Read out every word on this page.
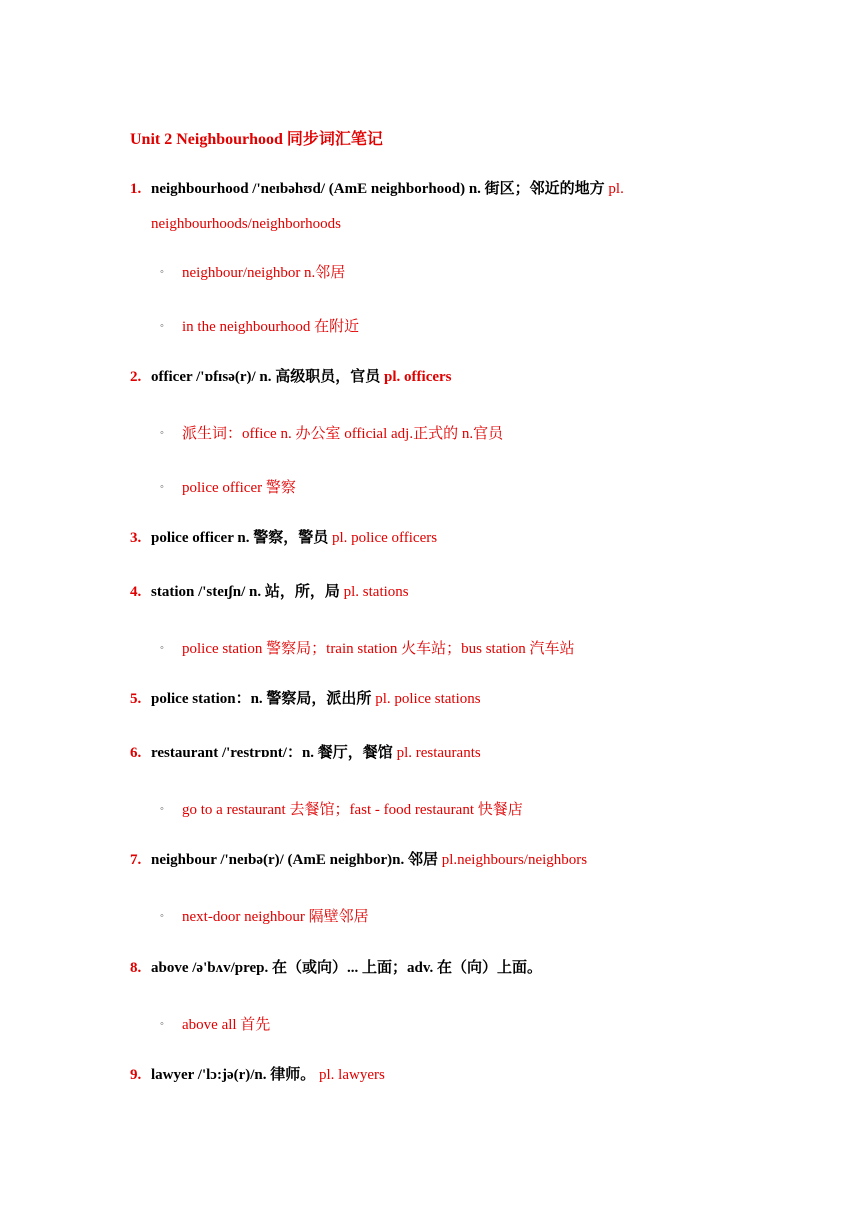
Unit 2 Neighbourhood 同步词汇笔记
1. neighbourhood /'neɪbəhʊd/ (AmE neighborhood) n. 街区；邻近的地方 pl.
neighbourhoods/neighborhoods
◦ neighbour/neighbor n.邻居
◦ in the neighbourhood 在附近
2. officer /'ɒfɪsə(r)/ n. 高级职员，官员 pl. officers
◦ 派生词：office n. 办公室 official adj.正式的 n.官员
◦ police officer 警察
3. police officer n. 警察，警员 pl. police officers
4. station /'steɪʃn/ n. 站，所，局 pl. stations
◦ police station 警察局；train station 火车站；bus station 汽车站
5. police station：n. 警察局，派出所 pl. police stations
6. restaurant /'restrɒnt/：n. 餐厅，餐馆 pl. restaurants
◦ go to a restaurant 去餐馆；fast - food restaurant 快餐店
7. neighbour /'neɪbə(r)/ (AmE neighbor)n. 邻居 pl.neighbours/neighbors
◦ next-door neighbour 隔壁邻居
8. above /ə'bʌv/prep. 在（或向）... 上面；adv. 在（向）上面。
◦ above all 首先
9. lawyer /'lɔ:jə(r)/n. 律师。 pl. lawyers
